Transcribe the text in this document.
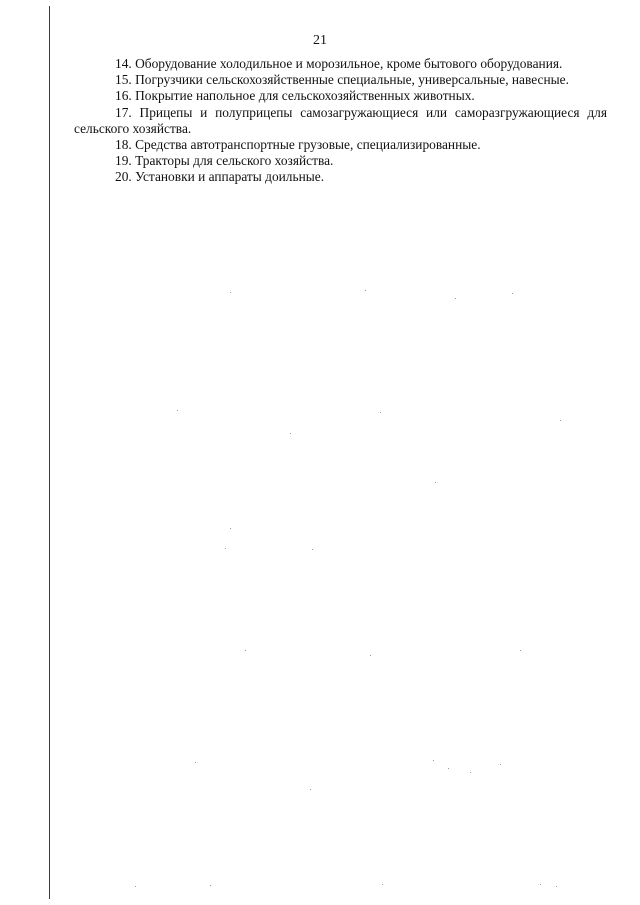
21

14. Оборудование холодильное и морозильное, кроме бытового оборудования.

15. Погрузчики сельскохозяйственные специальные, универсальные, навесные.

16. Покрытие напольное для сельскохозяйственных животных.

17. Прицепы и полуприцепы самозагружающиеся или саморазгружающиеся для сельского хозяйства.

18. Средства автотранспортные грузовые, специализированные.

19. Тракторы для сельского хозяйства.

20. Установки и аппараты доильные.
